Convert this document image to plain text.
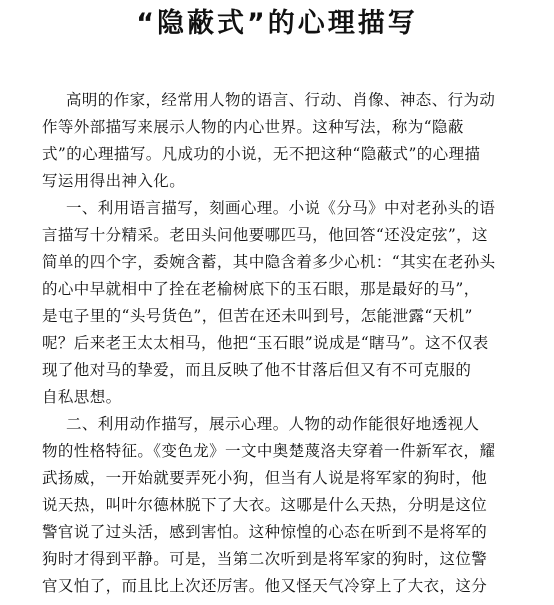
“隐蔽式”的心理描写
高明的作家，经常用人物的语言、行动、肖像、神态、行为动
作等外部描写来展示人物的内心世界。这种写法，称为“隐蔽
式”的心理描写。凡成功的小说，无不把这种“隐蔽式”的心理描
写运用得出神入化。
一、利用语言描写，刻画心理。小说《分马》中对老孙头的语
言描写十分精采。老田头问他要哪匹马，他回答“还没定弦”，这
简单的四个字，委婉含蓄，其中隐含着多少心机：“其实在老孙头
的心中早就相中了拴在老榆树底下的玉石眼，那是最好的马”，
是屯子里的“头号货色”，但苦在还未叫到号，怎能泄露“天机”
呢？后来老王太太相马，他把“玉石眼”说成是“瞎马”。这不仅表
现了他对马的挚爱，而且反映了他不甘落后但又有不可克服的
自私思想。
二、利用动作描写，展示心理。人物的动作能很好地透视人
物的性格特征。《变色龙》一文中奥楚蔑洛夫穿着一件新军衣，耀
武扬威，一开始就要弄死小狗，但当有人说是将军家的狗时，他
说天热，叫叶尔德林脱下了大衣。这哪是什么天热，分明是这位
警官说了过头活，感到害怕。这种惊惶的心态在听到不是将军的
狗时才得到平静。可是，当第二次听到是将军家的狗时，这位警
官又怕了，而且比上次还厉害。他又怪天气冷穿上了大衣，这分
